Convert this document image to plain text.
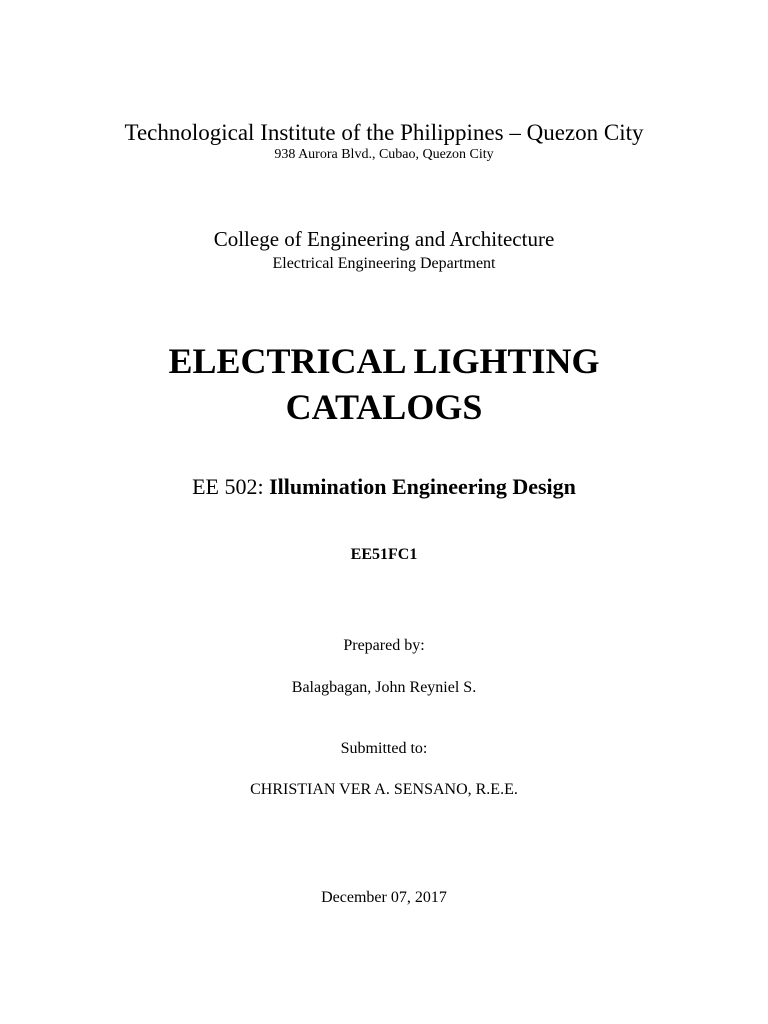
Technological Institute of the Philippines – Quezon City
938 Aurora Blvd., Cubao, Quezon City
College of Engineering and Architecture
Electrical Engineering Department
ELECTRICAL LIGHTING
CATALOGS
EE 502: Illumination Engineering Design
EE51FC1
Prepared by:
Balagbagan, John Reyniel S.
Submitted to:
CHRISTIAN VER A. SENSANO, R.E.E.
December 07, 2017
